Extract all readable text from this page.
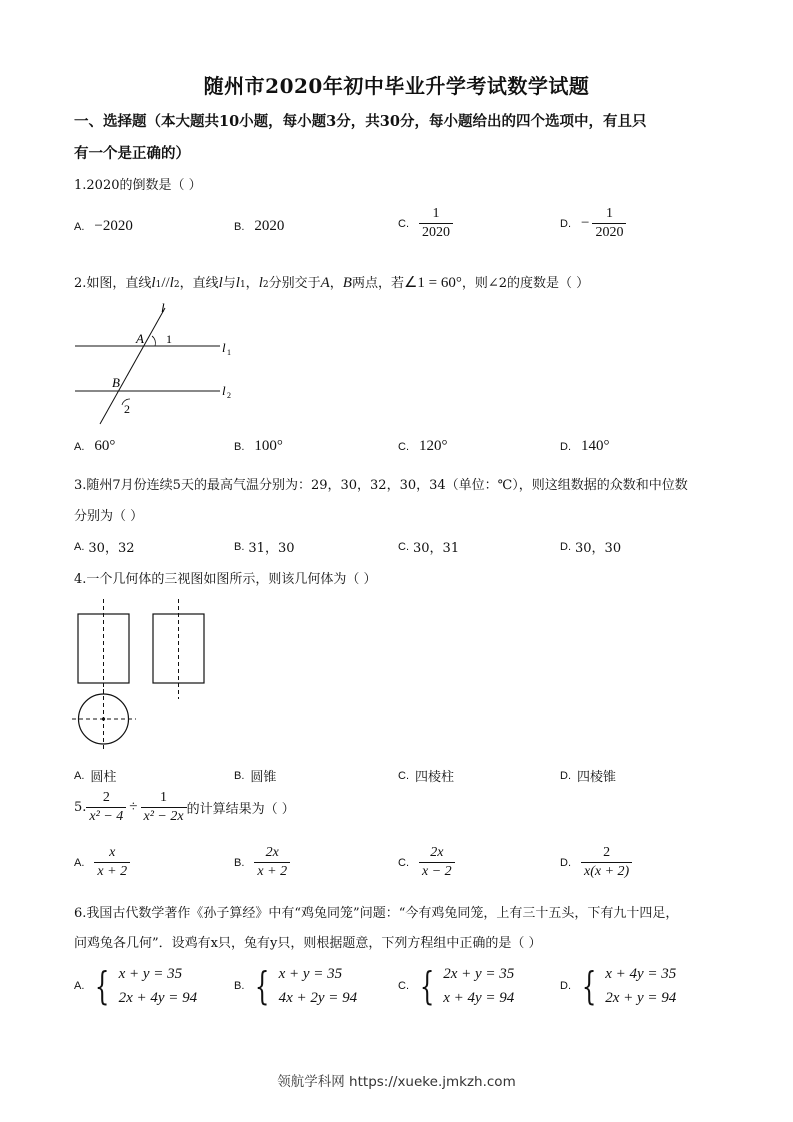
随州市2020年初中毕业升学考试数学试题
一、选择题（本大题共10小题，每小题3分，共30分，每小题给出的四个选项中，有且只
有一个是正确的）
1.2020的倒数是（ ）
A. −2020	B. 2020	C. $\frac{1}{2020}$	D. − $\frac{1}{2020}$
2.如图，直线 l 1 // l 2 ，直线 l 与 l 1 ， l 2 分别交于 A ， B 两点，若 ∠1 = 60° ，则∠2的度数是（ ）
l
A 1
l 1
B
2
l 2
A. 60°	B. 100°	C. 120°	D. 140°
3.随州7月份连续5天的最高气温分别为：29，30，32，30，34（单位：℃），则这组数据的众数和中位数
分别为（ ）
A. 30，32	B. 31，30	C. 30，31	D. 30，30
4.一个几何体的三视图如图所示，则该几何体为（ ）
A. 圆柱	B. 圆锥	C. 四棱柱	D. 四棱锥
5. $\frac{2}{\text{x² − 4}} \div \frac{1}{\text{x² − 2x}}$ 的计算结果为（ ）
A. $\frac{x}{x + 2}$	B. $\frac{2x}{x + 2}$	C. $\frac{2x}{x - 2}$	D. $\frac{2}{x(x + 2)}$
6.我国古代数学著作《孙子算经》中有“鸡兔同笼”问题：“今有鸡兔同笼，上有三十五头，下有九十四足，
问鸡兔各几何”．设鸡有x只，兔有y只，则根据题意，下列方程组中正确的是（ ）
A. { x + y = 35
2x + 4y = 94
B. { x + y = 35
4x + 2y = 94
C. { 2x + y = 35
x + 4y = 94
D. { x + 4y = 35
2x + y = 94
领航学科网 https://xueke.jmkzh.com
